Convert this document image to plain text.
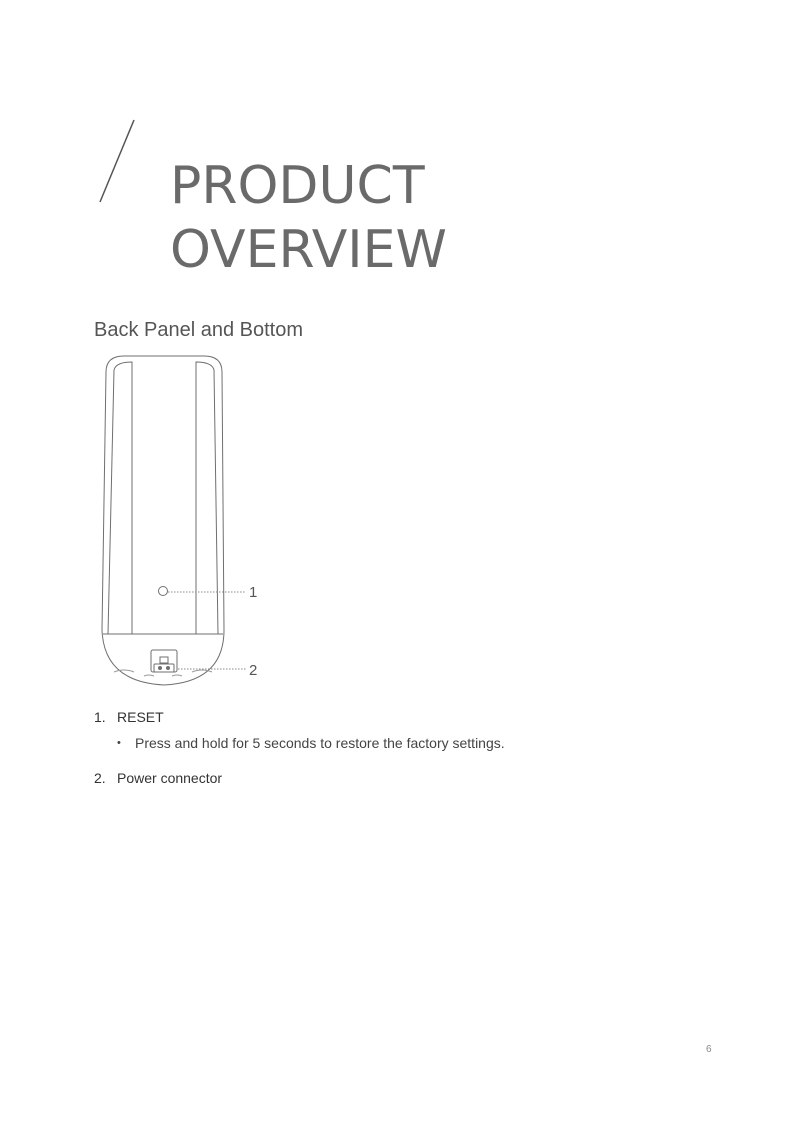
PRODUCT
OVERVIEW
Back Panel and Bottom
1
2
1. RESET
•	Press and hold for 5 seconds to restore the factory settings.
2. Power connector
6
